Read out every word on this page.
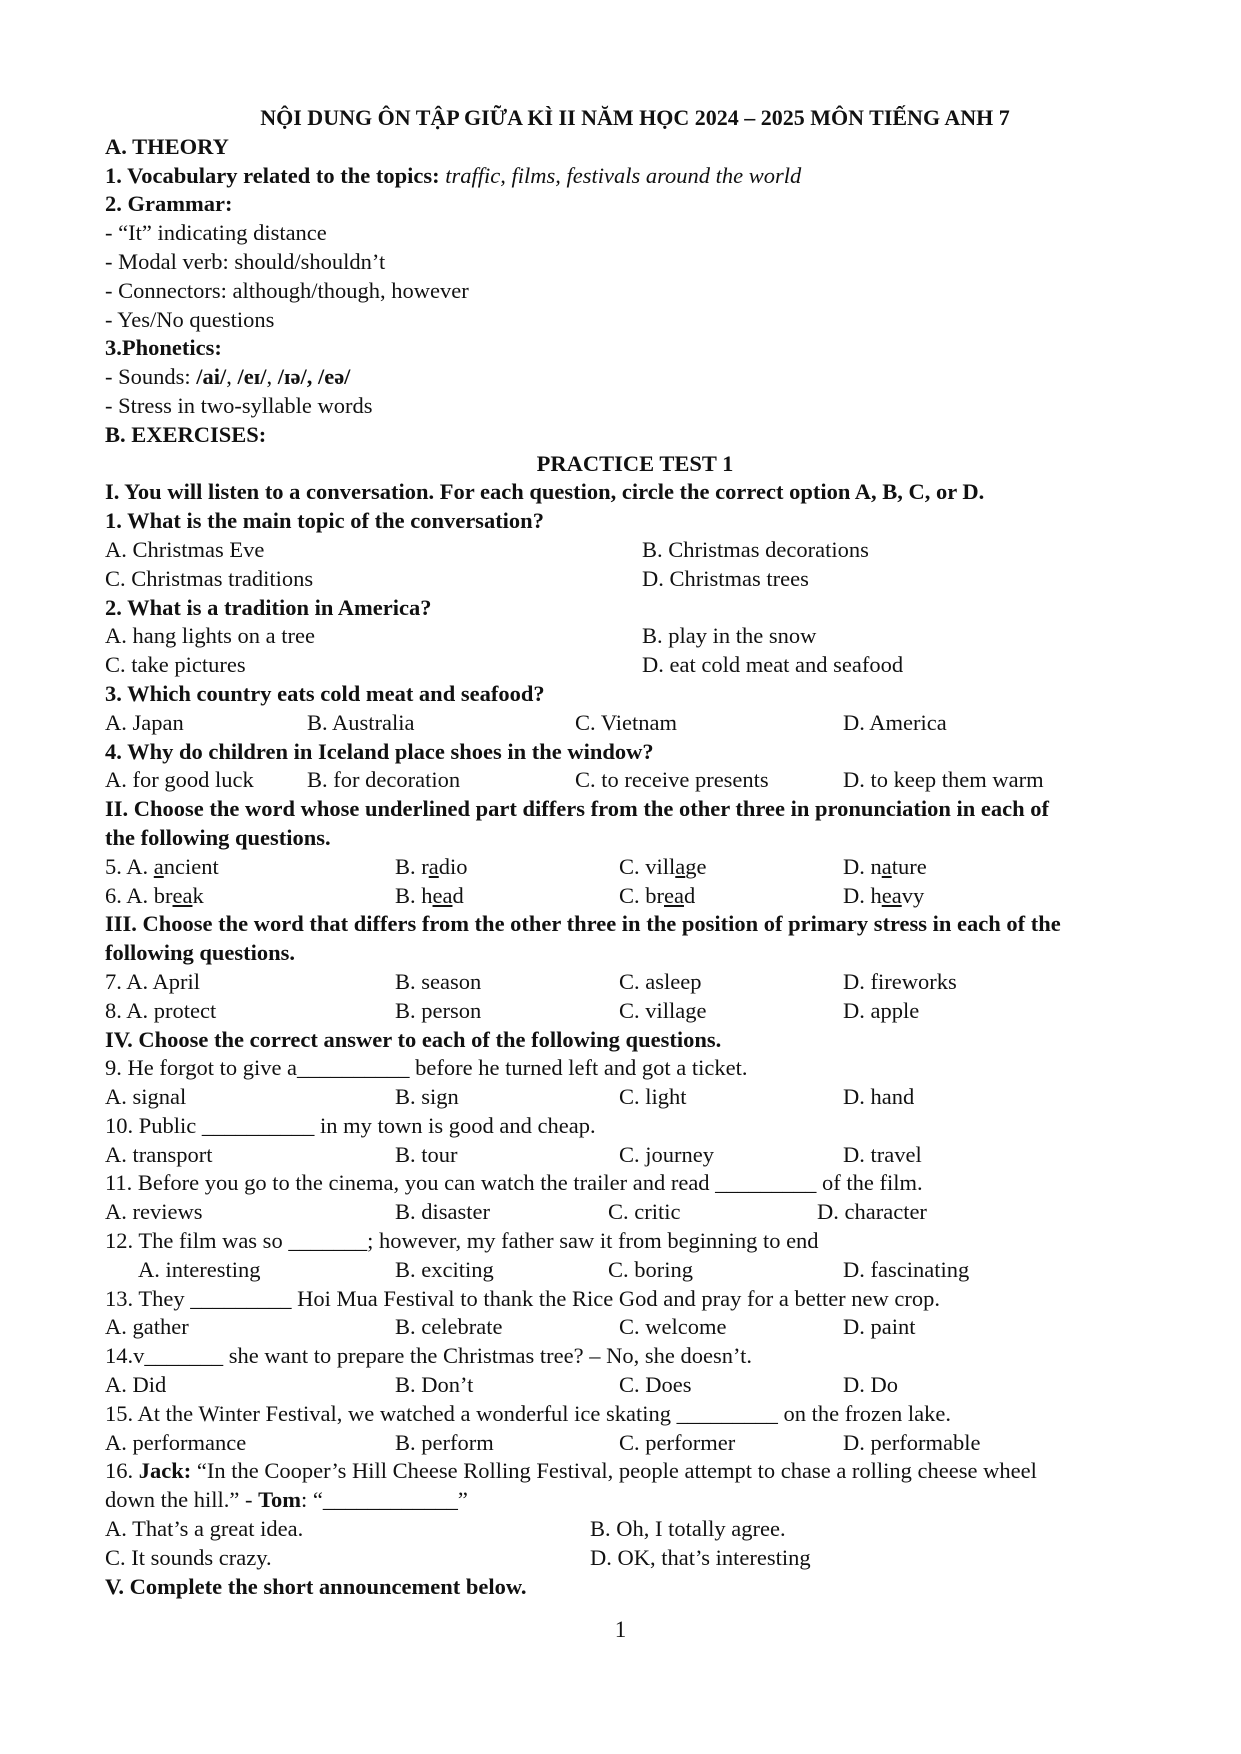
NỘI DUNG ÔN TẬP GIỮA KÌ II NĂM HỌC 2024 – 2025 MÔN TIẾNG ANH 7
A. THEORY
1. Vocabulary related to the topics: traffic, films, festivals around the world
2. Grammar:
- “It” indicating distance
- Modal verb: should/shouldn’t
- Connectors: although/though, however
- Yes/No questions
3.Phonetics:
- Sounds: /ai/, /eɪ/, /ɪə/, /eə/
- Stress in two-syllable words
B. EXERCISES:
PRACTICE TEST 1
I. You will listen to a conversation. For each question, circle the correct option A, B, C, or D.
1. What is the main topic of the conversation?
A. Christmas Eve	B. Christmas decorations
C. Christmas traditions	D. Christmas trees
2. What is a tradition in America?
A. hang lights on a tree	B. play in the snow
C. take pictures	D. eat cold meat and seafood
3. Which country eats cold meat and seafood?
A. Japan	B. Australia	C. Vietnam	D. America
4. Why do children in Iceland place shoes in the window?
A. for good luck B. for decoration	C. to receive presents	D. to keep them warm
II. Choose the word whose underlined part differs from the other three in pronunciation in each of
the following questions.
5. A. ancient	B. radio	C. village	D. nature
6. A. break	B. head	C. bread	D. heavy
III. Choose the word that differs from the other three in the position of primary stress in each of the
following questions.
7. A. April	B. season	C. asleep	D. fireworks
8. A. protect	B. person	C. village	D. apple
IV. Choose the correct answer to each of the following questions.
9. He forgot to give a__________ before he turned left and got a ticket.
A. signal	B. sign	C. light	D. hand
10. Public __________ in my town is good and cheap.
A. transport	B. tour	C. journey	D. travel
11. Before you go to the cinema, you can watch the trailer and read _________ of the film.
A. reviews	B. disaster	C. critic	D. character
12. The film was so _______; however, my father saw it from beginning to end
A. interesting	B. exciting	C. boring	D. fascinating
13. They _________ Hoi Mua Festival to thank the Rice God and pray for a better new crop.
A. gather	B. celebrate	C. welcome	D. paint
14.v_______ she want to prepare the Christmas tree? – No, she doesn’t.
A. Did	B. Don’t	C. Does	D. Do
15. At the Winter Festival, we watched a wonderful ice skating _________ on the frozen lake.
A. performance	B. perform	C. performer	D. performable
16. Jack: “In the Cooper’s Hill Cheese Rolling Festival, people attempt to chase a rolling cheese wheel
down the hill.” - Tom: “____________”
A. That’s a great idea.	B. Oh, I totally agree.
C. It sounds crazy.	D. OK, that’s interesting
V. Complete the short announcement below.
1
